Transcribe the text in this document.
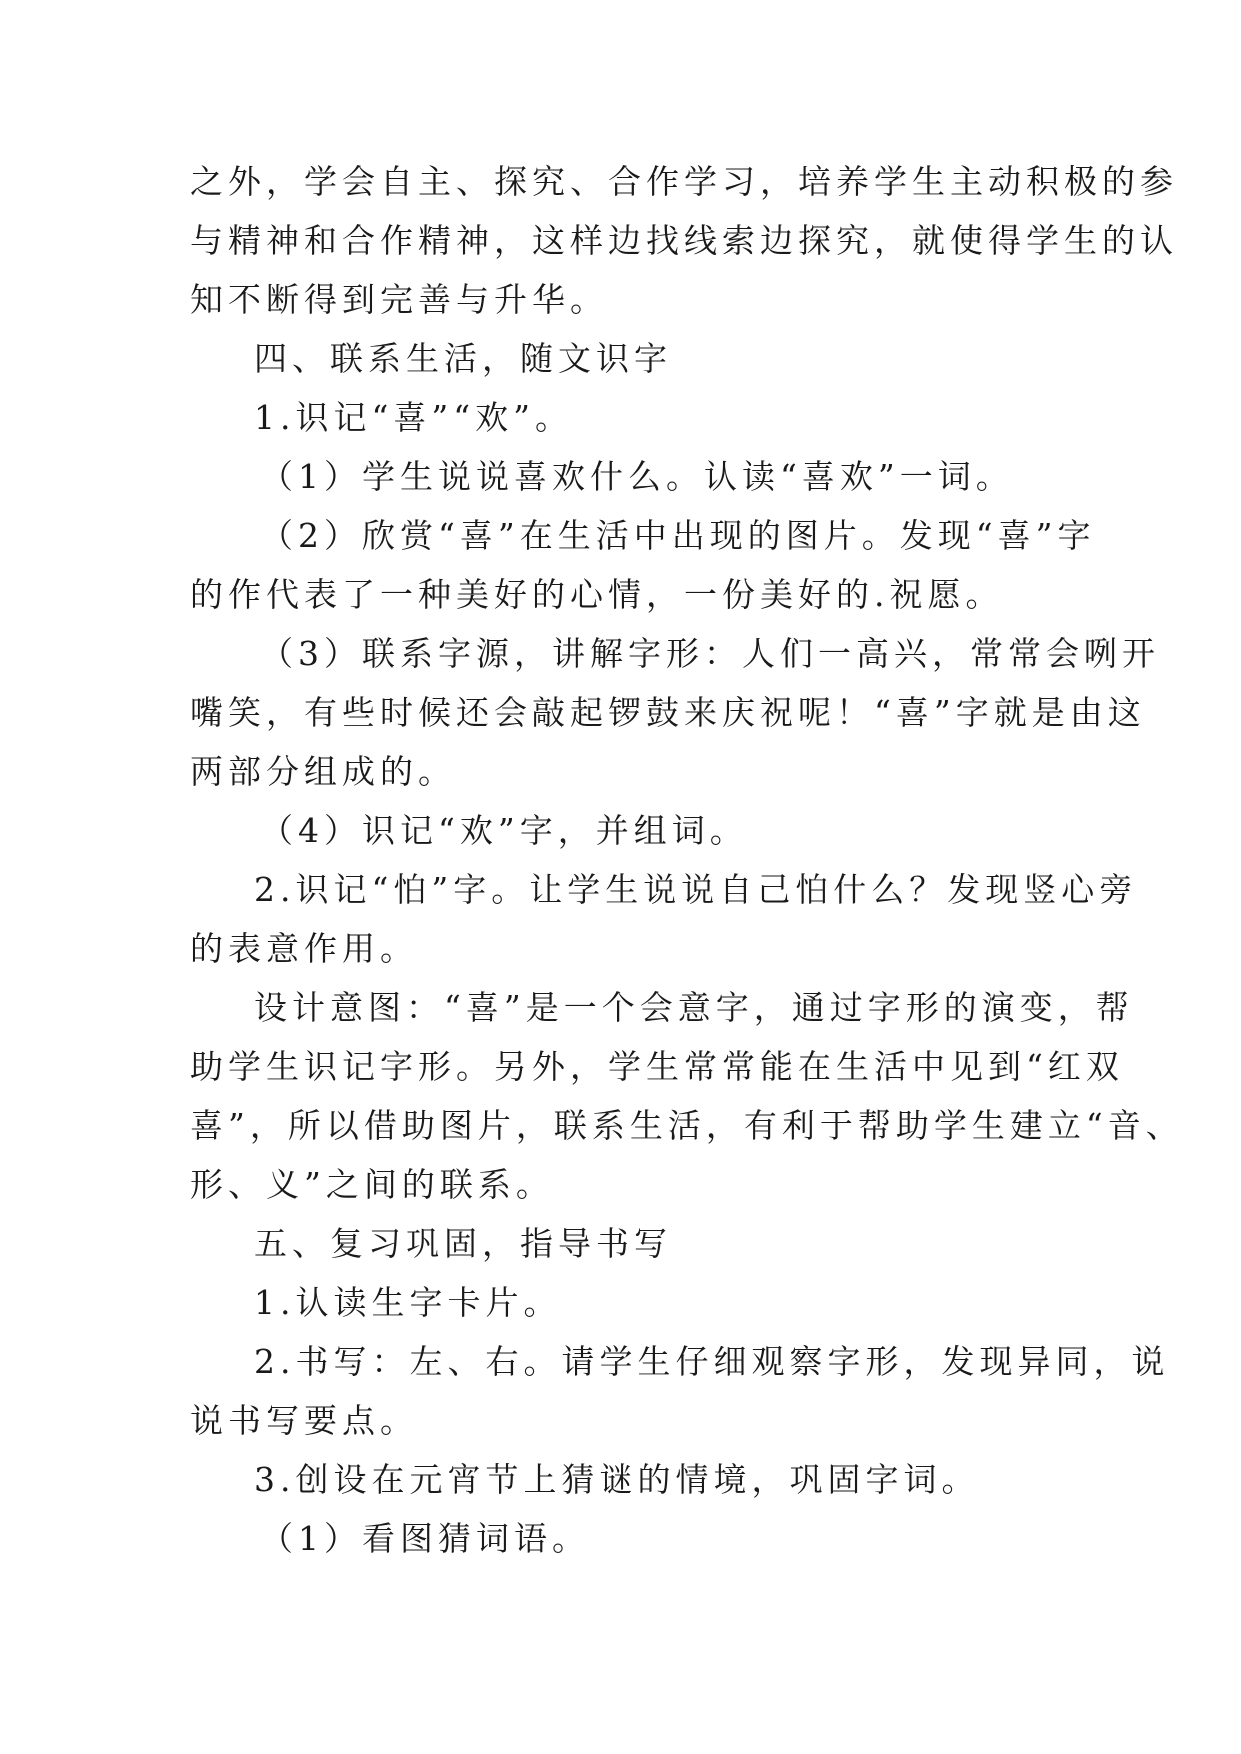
之外，学会自主、探究、合作学习，培养学生主动积极的参
与精神和合作精神，这样边找线索边探究，就使得学生的认
知不断得到完善与升华。
四、联系生活，随文识字
1.识记“喜”“欢”。
（1）学生说说喜欢什么。认读“喜欢”一词。
（2）欣赏“喜”在生活中出现的图片。发现“喜”字
的作代表了一种美好的心情，一份美好的.祝愿。
（3）联系字源，讲解字形：人们一高兴，常常会咧开
嘴笑，有些时候还会敲起锣鼓来庆祝呢！“喜”字就是由这
两部分组成的。
（4）识记“欢”字，并组词。
2.识记“怕”字。让学生说说自己怕什么？发现竖心旁
的表意作用。
设计意图：“喜”是一个会意字，通过字形的演变，帮
助学生识记字形。另外，学生常常能在生活中见到“红双
喜”，所以借助图片，联系生活，有利于帮助学生建立“音、
形、义”之间的联系。
五、复习巩固，指导书写
1.认读生字卡片。
2.书写：左、右。请学生仔细观察字形，发现异同，说
说书写要点。
3.创设在元宵节上猜谜的情境，巩固字词。
（1）看图猜词语。
